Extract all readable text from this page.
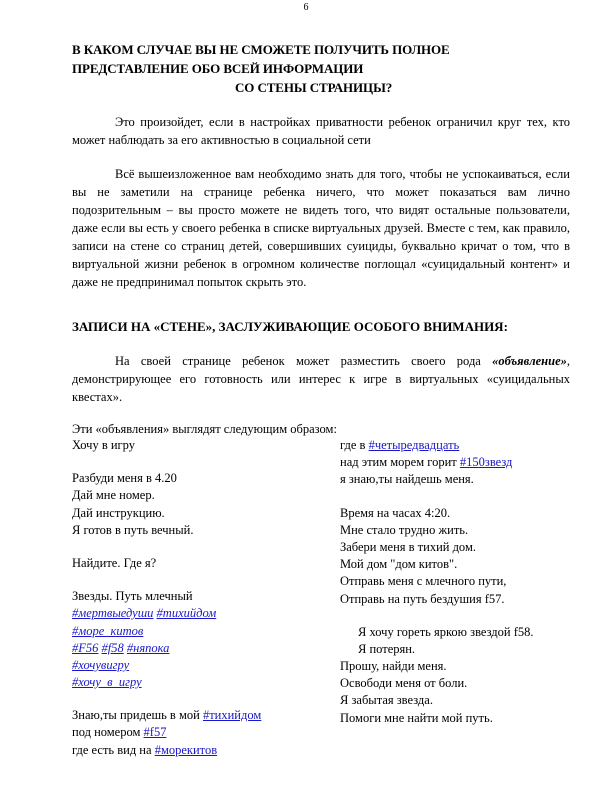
6
В КАКОМ СЛУЧАЕ ВЫ НЕ СМОЖЕТЕ ПОЛУЧИТЬ ПОЛНОЕ
ПРЕДСТАВЛЕНИЕ ОБО ВСЕЙ ИНФОРМАЦИИ
СО СТЕНЫ СТРАНИЦЫ?

Это произойдет, если в настройках приватности ребенок ограничил круг тех, кто может наблюдать за его активностью в социальной сети

Всё вышеизложенное вам необходимо знать для того, чтобы не успокаиваться, если вы не заметили на странице ребенка ничего, что может показаться вам лично подозрительным – вы просто можете не видеть того, что видят остальные пользователи, даже если вы есть у своего ребенка в списке виртуальных друзей. Вместе с тем, как правило, записи на стене со страниц детей, совершивших суициды, буквально кричат о том, что в виртуальной жизни ребенок в огромном количестве поглощал «суицидальный контент» и даже не предпринимал попыток скрыть это.

ЗАПИСИ НА «СТЕНЕ», ЗАСЛУЖИВАЮЩИЕ ОСОБОГО ВНИМАНИЯ:

На своей странице ребенок может разместить своего рода «объявление», демонстрирующее его готовность или интерес к игре в виртуальных «суицидальных квестах».

Эти «объявления» выглядят следующим образом:

Хочу в игру
Разбуди меня в 4.20
Дай мне номер.
Дай инструкцию.
Я готов в путь вечный.
Найдите. Где я?
Звезды. Путь млечный
#мертвыедуши #тихийдом
#море_китов
#F56 #f58 #няпока
#хочувигру
#хочу_в_игру
Знаю,ты придешь в мой #тихийдом
под номером #f57
где есть вид на #морекитов
где в #четыредвадцать
над этим морем горит #150звезд
я знаю,ты найдешь меня.
Время на часах 4:20.
Мне стало трудно жить.
Забери меня в тихий дом.
Мой дом "дом китов".
Отправь меня с млечного пути,
Отправь на путь бездушия f57.
Я хочу гореть яркою звездой f58.
Я потерян.
Прошу, найди меня.
Освободи меня от боли.
Я забытая звезда.
Помоги мне найти мой путь.
